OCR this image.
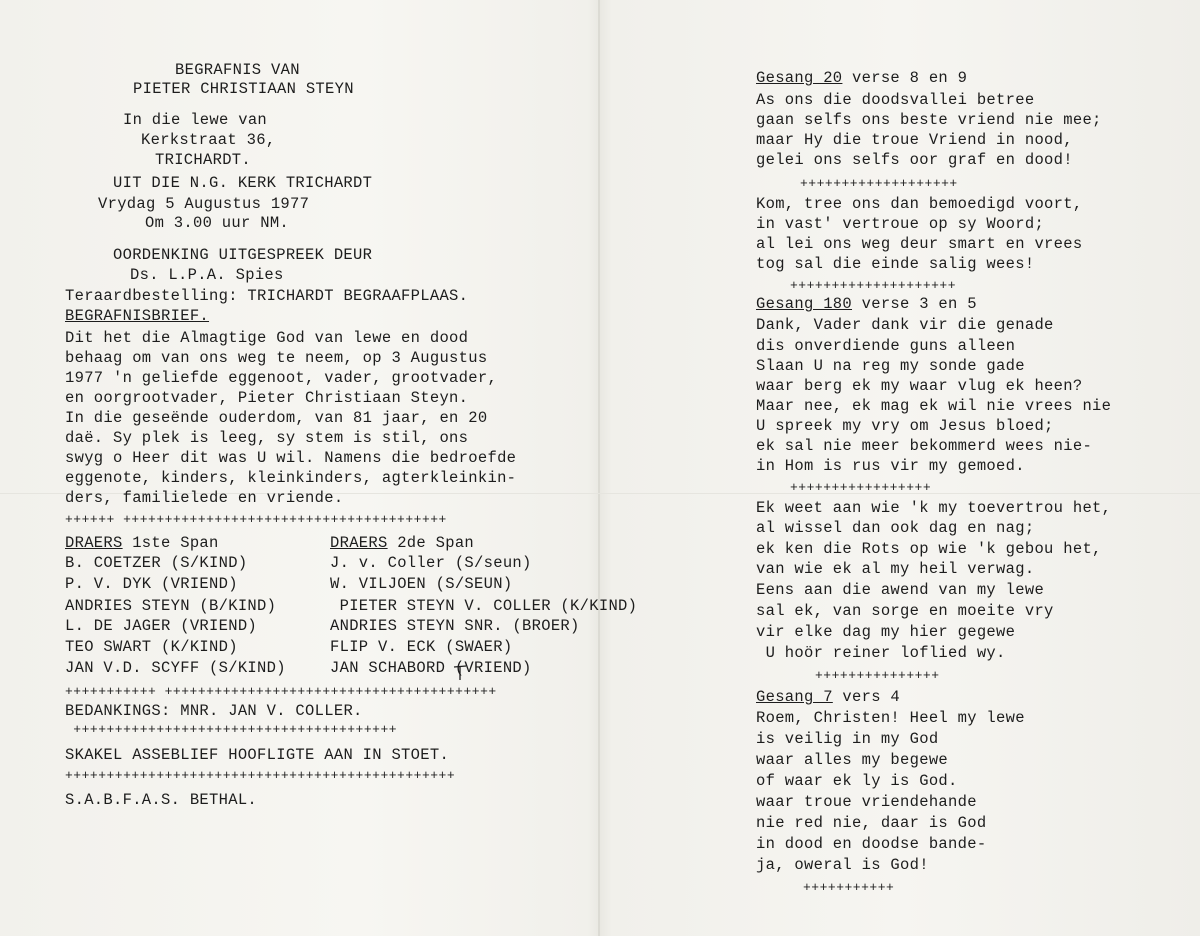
BEGRAFNIS VAN
PIETER CHRISTIAAN STEYN
In die lewe van
Kerkstraat 36,
TRICHARDT.
UIT DIE N.G. KERK TRICHARDT
Vrydag 5 Augustus 1977
Om 3.00 uur NM.
OORDENKING UITGESPREEK DEUR
Ds. L.P.A. Spies
Teraardbestelling: TRICHARDT BEGRAAFPLAAS.
BEGRAFNISBRIEF.
Dit het die Almagtige God van lewe en dood
behaag om van ons weg te neem, op 3 Augustus
1977 'n geliefde eggenoot, vader, grootvader,
en oorgrootvader, Pieter Christiaan Steyn.
In die geseënde ouderdom, van 81 jaar, en 20
daë. Sy plek is leeg, sy stem is stil, ons
swyg o Heer dit was U wil. Namens die bedroefde
eggenote, kinders, kleinkinders, agterkleinkin-
ders, familielede en vriende.
++++++ +++++++++++++++++++++++++++++++++++++++
DRAERS 1ste Span	DRAERS 2de Span
B. COETZER (S/KIND)
P. V. DYK (VRIEND)
ANDRIES STEYN (B/KIND)
L. DE JAGER (VRIEND)
TEO SWART (K/KIND)
JAN V.D. SCYFF (S/KIND)
J. v. Coller (S/seun)
W. VILJOEN (S/SEUN)
PIETER STEYN V. COLLER (K/KIND)
ANDRIES STEYN SNR. (BROER)
FLIP V. ECK (SWAER)
JAN SCHABORD (VRIEND)
+++++++++++ ++++++++++++++++++++++++++++++++++++++++
BEDANKINGS: MNR. JAN V. COLLER.
+++++++++++++++++++++++++++++++++++++++
SKAKEL ASSEBLIEF HOOFLIGTE AAN IN STOET.
+++++++++++++++++++++++++++++++++++++++++++++++
S.A.B.F.A.S. BETHAL.
Gesang 20 verse 8 en 9
As ons die doodsvallei betree
gaan selfs ons beste vriend nie mee;
maar Hy die troue Vriend in nood,
gelei ons selfs oor graf en dood!
+++++++++++++++++++
Kom, tree ons dan bemoedigd voort,
in vast' vertroue op sy Woord;
al lei ons weg deur smart en vrees
tog sal die einde salig wees!
++++++++++++++++++++
Gesang 180 verse 3 en 5
Dank, Vader dank vir die genade
dis onverdiende guns alleen
Slaan U na reg my sonde gade
waar berg ek my waar vlug ek heen?
Maar nee, ek mag ek wil nie vrees nie
U spreek my vry om Jesus bloed;
ek sal nie meer bekommerd wees nie-
in Hom is rus vir my gemoed.
+++++++++++++++++
Ek weet aan wie 'k my toevertrou het,
al wissel dan ook dag en nag;
ek ken die Rots op wie 'k gebou het,
van wie ek al my heil verwag.
Eens aan die awend van my lewe
sal ek, van sorge en moeite vry
vir elke dag my hier gegewe
U hoör reiner loflied wy.
+++++++++++++++
Gesang 7 vers 4
Roem, Christen! Heel my lewe
is veilig in my God
waar alles my begewe
of waar ek ly is God.
waar troue vriendehande
nie red nie, daar is God
in dood en doodse bande-
ja, oweral is God!
+++++++++++
